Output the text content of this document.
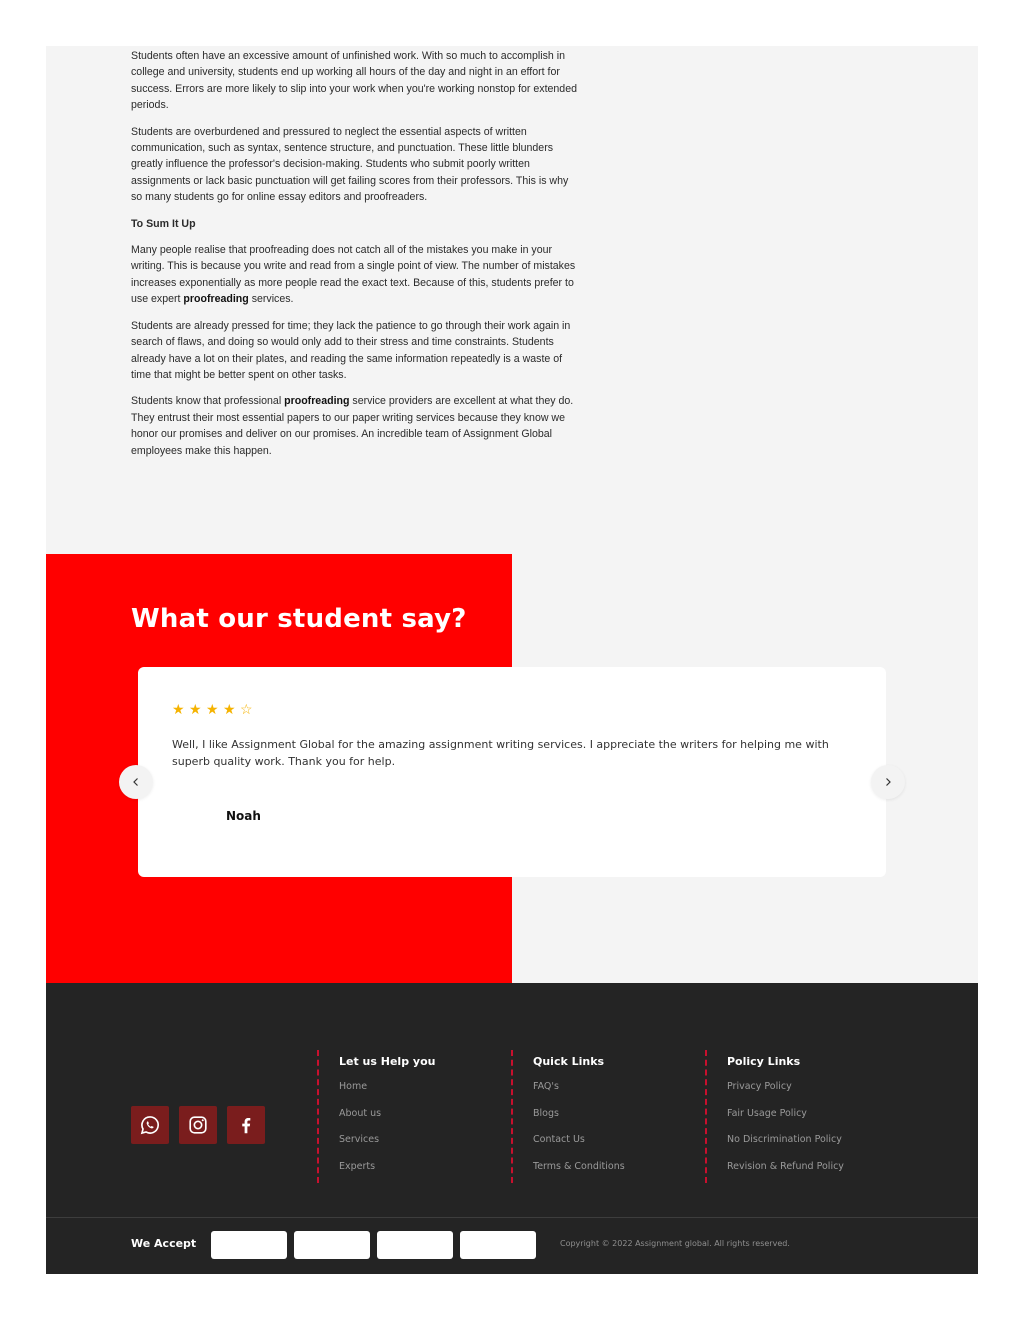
Students often have an excessive amount of unfinished work. With so much to accomplish in college and university, students end up working all hours of the day and night in an effort for success. Errors are more likely to slip into your work when you're working nonstop for extended periods.

Students are overburdened and pressured to neglect the essential aspects of written communication, such as syntax, sentence structure, and punctuation. These little blunders greatly influence the professor's decision-making. Students who submit poorly written assignments or lack basic punctuation will get failing scores from their professors. This is why so many students go for online essay editors and proofreaders.

To Sum It Up

Many people realise that proofreading does not catch all of the mistakes you make in your writing. This is because you write and read from a single point of view. The number of mistakes increases exponentially as more people read the exact text. Because of this, students prefer to use expert proofreading services.

Students are already pressed for time; they lack the patience to go through their work again in search of flaws, and doing so would only add to their stress and time constraints. Students already have a lot on their plates, and reading the same information repeatedly is a waste of time that might be better spent on other tasks.

Students know that professional proofreading service providers are excellent at what they do. They entrust their most essential papers to our paper writing services because they know we honor our promises and deliver on our promises. An incredible team of Assignment Global employees make this happen.

What our student say?
★ ★ ★ ★ ☆
Well, I like Assignment Global for the amazing assignment writing services. I appreciate the writers for helping me with superb quality work. Thank you for help.
Noah
Let us Help you
Home
About us
Services
Experts
Quick Links
FAQ's
Blogs
Contact Us
Terms & Conditions
Policy Links
Privacy Policy
Fair Usage Policy
No Discrimination Policy
Revision & Refund Policy
We Accept	Copyright © 2022 Assignment global. All rights reserved.
